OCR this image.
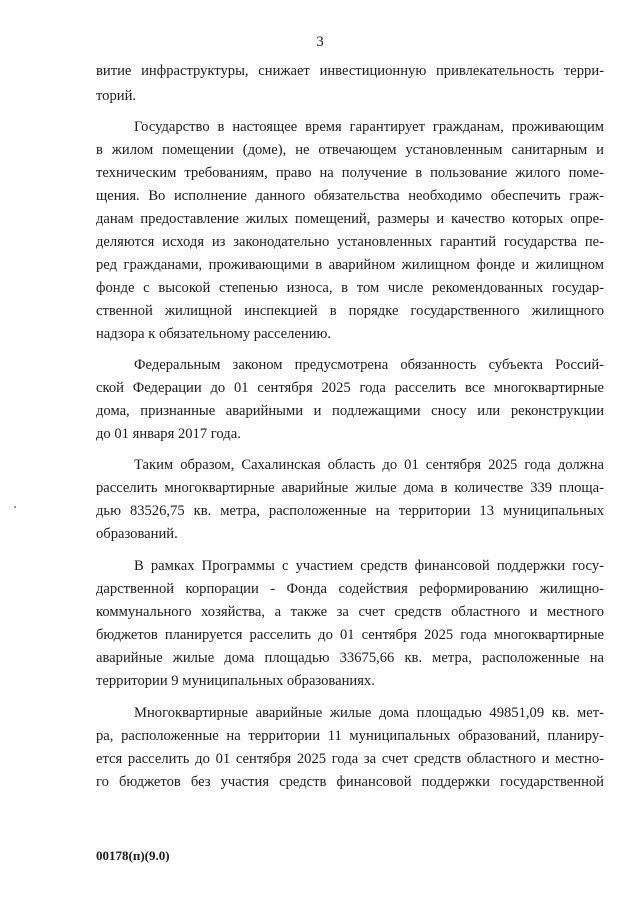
3
витие инфраструктуры, снижает инвестиционную привлекательность терри-
торий.
Государство в настоящее время гарантирует гражданам, проживающим
в жилом помещении (доме), не отвечающем установленным санитарным и
техническим требованиям, право на получение в пользование жилого поме-
щения. Во исполнение данного обязательства необходимо обеспечить граж-
данам предоставление жилых помещений, размеры и качество которых опре-
деляются исходя из законодательно установленных гарантий государства пе-
ред гражданами, проживающими в аварийном жилищном фонде и жилищном
фонде с высокой степенью износа, в том числе рекомендованных государ-
ственной жилищной инспекцией в порядке государственного жилищного
надзора к обязательному расселению.
Федеральным законом предусмотрена обязанность субъекта Россий-
ской Федерации до 01 сентября 2025 года расселить все многоквартирные
дома, признанные аварийными и подлежащими сносу или реконструкции
до 01 января 2017 года.
Таким образом, Сахалинская область до 01 сентября 2025 года должна
расселить многоквартирные аварийные жилые дома в количестве 339 площа-
дью 83526,75 кв. метра, расположенные на территории 13 муниципальных
образований.
В рамках Программы с участием средств финансовой поддержки госу-
дарственной корпорации - Фонда содействия реформированию жилищно-
коммунального хозяйства, а также за счет средств областного и местного
бюджетов планируется расселить до 01 сентября 2025 года многоквартирные
аварийные жилые дома площадью 33675,66 кв. метра, расположенные на
территории 9 муниципальных образованиях.
Многоквартирные аварийные жилые дома площадью 49851,09 кв. мет-
ра, расположенные на территории 11 муниципальных образований, планиру-
ется расселить до 01 сентября 2025 года за счет средств областного и местно-
го бюджетов без участия средств финансовой поддержки государственной
00178(п)(9.0)
